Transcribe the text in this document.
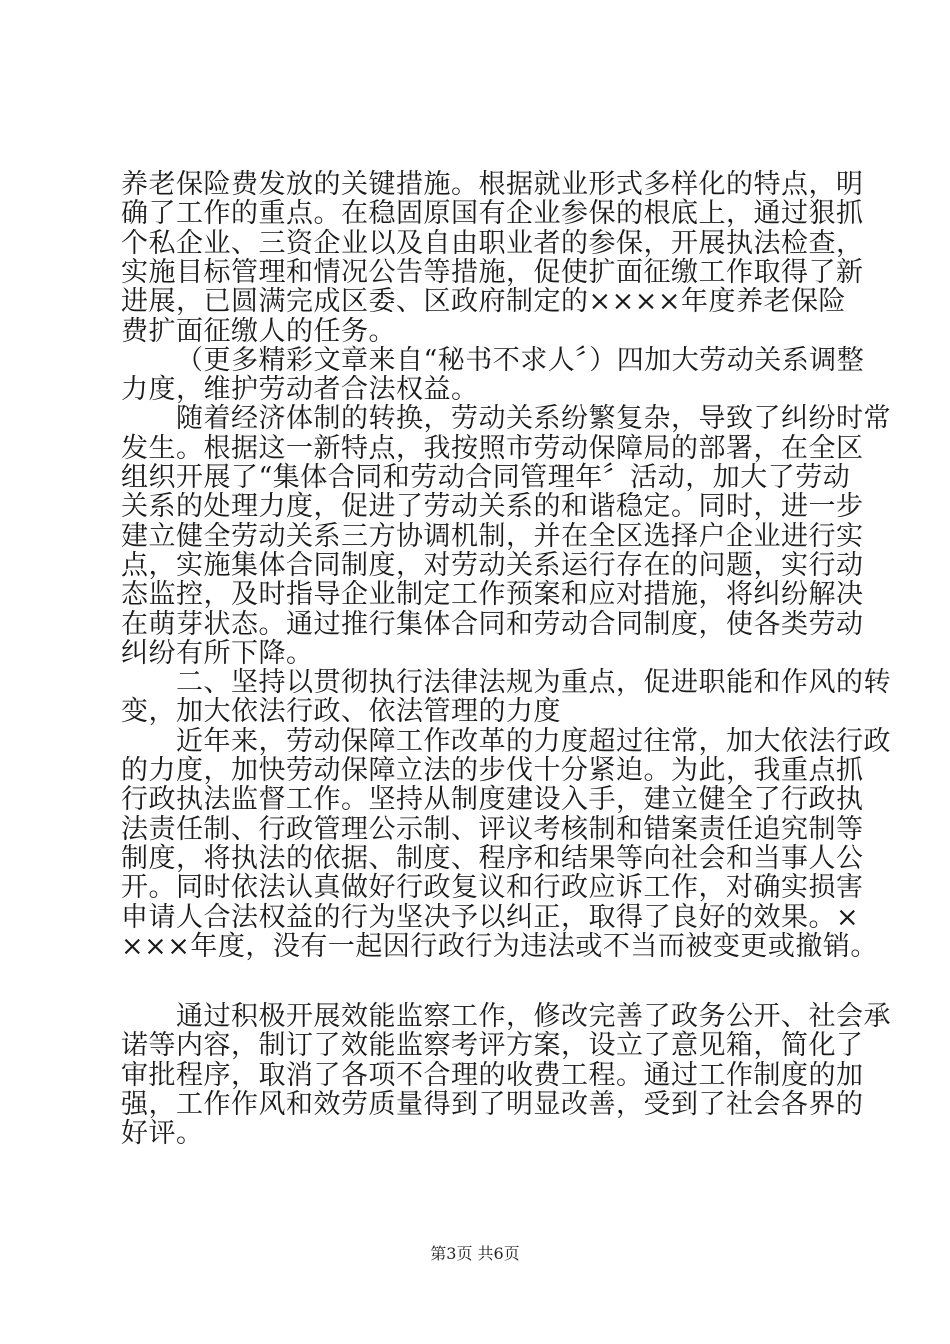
养老保险费发放的关键措施。根据就业形式多样化的特点，明
确了工作的重点。在稳固原国有企业参保的根底上，通过狠抓
个私企业、三资企业以及自由职业者的参保，开展执法检查，
实施目标管理和情况公告等措施，促使扩面征缴工作取得了新
进展，已圆满完成区委、区政府制定的××××年度养老保险
费扩面征缴人的任务。
（更多精彩文章来自“秘书不求人〞）四加大劳动关系调整
力度，维护劳动者合法权益。
随着经济体制的转换，劳动关系纷繁复杂，导致了纠纷时常
发生。根据这一新特点，我按照市劳动保障局的部署，在全区
组织开展了“集体合同和劳动合同管理年〞活动，加大了劳动
关系的处理力度，促进了劳动关系的和谐稳定。同时，进一步
建立健全劳动关系三方协调机制，并在全区选择户企业进行实
点，实施集体合同制度，对劳动关系运行存在的问题，实行动
态监控，及时指导企业制定工作预案和应对措施，将纠纷解决
在萌芽状态。通过推行集体合同和劳动合同制度，使各类劳动
纠纷有所下降。
二、坚持以贯彻执行法律法规为重点，促进职能和作风的转
变，加大依法行政、依法管理的力度
近年来，劳动保障工作改革的力度超过往常，加大依法行政
的力度，加快劳动保障立法的步伐十分紧迫。为此，我重点抓
行政执法监督工作。坚持从制度建设入手，建立健全了行政执
法责任制、行政管理公示制、评议考核制和错案责任追究制等
制度，将执法的依据、制度、程序和结果等向社会和当事人公
开。同时依法认真做好行政复议和行政应诉工作，对确实损害
申请人合法权益的行为坚决予以纠正，取得了良好的效果。×
×××年度，没有一起因行政行为违法或不当而被变更或撤销。
通过积极开展效能监察工作，修改完善了政务公开、社会承
诺等内容，制订了效能监察考评方案，设立了意见箱，简化了
审批程序，取消了各项不合理的收费工程。通过工作制度的加
强，工作作风和效劳质量得到了明显改善，受到了社会各界的
好评。
第3页 共6页
